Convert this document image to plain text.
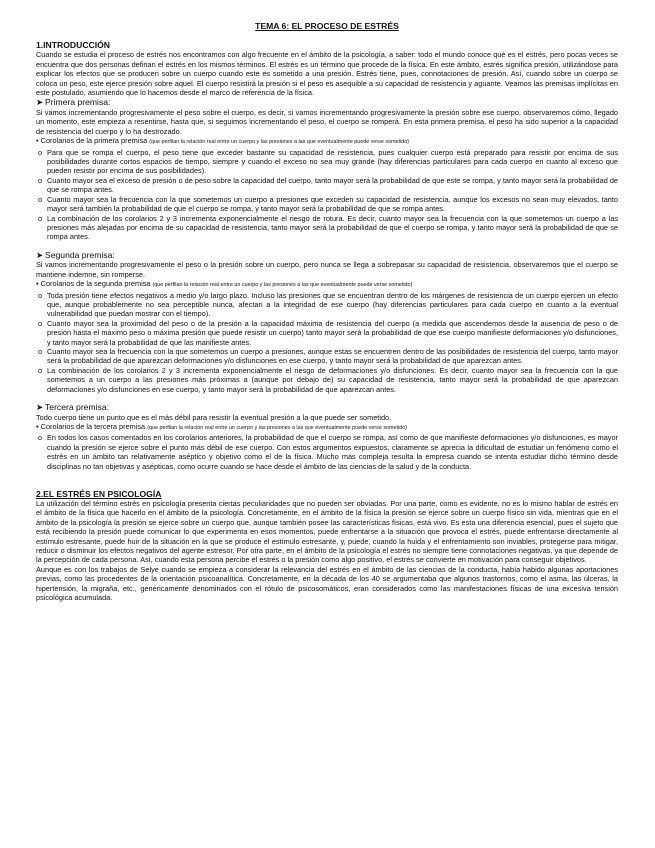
TEMA 6: EL PROCESO DE ESTRÉS
1.INTRODUCCIÓN

Cuando se estudia el proceso de estrés nos encontramos con algo frecuente en el ámbito de la psicología, a saber: todo el mundo conoce qué es el estrés, pero pocas veces se encuentra que dos personas definan el estrés en los mismos términos. El estrés es un término que procede de la física. En este ámbito, estrés significa presión, utilizándose para explicar los efectos que se producen sobre un cuerpo cuando este es sometido a una presión. Estrés tiene, pues, connotaciones de presión. Así, cuando sobre un cuerpo se coloca un peso, este ejerce presión sobre aquel. El cuerpo resistirá la presión si el peso es asequible a su capacidad de resistencia y aguante. Veamos las premisas implícitas en este postulado, asumiendo que lo hacemos desde el marco de referencia de la física.

➤ Primera premisa:

Si vamos incrementando progresivamente el peso sobre el cuerpo, es decir, si vamos incrementando progresivamente la presión sobre ese cuerpo, observaremos cómo, llegado un momento, este empieza a resentirse, hasta que, si seguimos incrementando el peso, el cuerpo se romperá. En esta primera premisa, el peso ha sido superior a la capacidad de resistencia del cuerpo y lo ha destrozado.

▪ Corolarios de la primera premisa (que perfilan la relación real entre un cuerpo y las presiones a las que eventualmente puede verse sometido)

o Para que se rompa el cuerpo, el peso tiene que exceder bastante su capacidad de resistencia, pues cualquier cuerpo está preparado para resistir por encima de sus posibilidades durante cortos espacios de tiempo, siempre y cuando el exceso no sea muy grande (hay diferencias particulares para cada cuerpo en cuanto al exceso que pueden resistir por encima de sus posibilidades).
o Cuanto mayor sea el exceso de presión o de peso sobre la capacidad del cuerpo, tanto mayor será la probabilidad de que este se rompa, y tanto mayor será la probabilidad de que se rompa antes.
o Cuanto mayor sea la frecuencia con la que sometemos un cuerpo a presiones que exceden su capacidad de resistencia, aunque los excesos no sean muy elevados, tanto mayor será también la probabilidad de que el cuerpo se rompa, y tanto mayor será la probabilidad de que se rompa antes.
o La combinación de los corolarios 2 y 3 incrementa exponencialmente el riesgo de rotura. Es decir, cuanto mayor sea la frecuencia con la que sometemos un cuerpo a las presiones más alejadas por encima de su capacidad de resistencia, tanto mayor será la probabilidad de que el cuerpo se rompa, y tanto mayor será la probabilidad de que se rompa antes.
➤ Segunda premisa:

Si vamos incrementando progresivamente el peso o la presión sobre un cuerpo, pero nunca se llega a sobrepasar su capacidad de resistencia, observaremos que el cuerpo se mantiene indemne, sin romperse.

▪ Corolarios de la segunda premisa (que perfilan la relación real entre un cuerpo y las presiones a las que eventualmente puede verse sometido)

o Toda presión tiene efectos negativos a medio y/o largo plazo. Incluso las presiones que se encuentran dentro de los márgenes de resistencia de un cuerpo ejercen un efecto que, aunque probablemente no sea perceptible nunca, afectan a la integridad de ese cuerpo (hay diferencias particulares para cada cuerpo en cuanto a la eventual vulnerabilidad que puedan mostrar con el tiempo).
o Cuanto mayor sea la proximidad del peso o de la presión a la capacidad máxima de resistencia del cuerpo (a medida que ascendemos desde la ausencia de peso o de presión hasta el máximo peso o máxima presión que puede resistir un cuerpo) tanto mayor será la probabilidad de que ese cuerpo manifieste deformaciones y/o disfunciones, y tanto mayor será la probabilidad de que las manifieste antes.
o Cuanto mayor sea la frecuencia con la que sometemos un cuerpo a presiones, aunque estas se encuentren dentro de las posibilidades de resistencia del cuerpo, tanto mayor será la probabilidad de que aparezcan deformaciones y/o disfunciones en ese cuerpo, y tanto mayor será la probabilidad de que aparezcan antes.
o La combinación de los corolarios 2 y 3 incrementa exponencialmente el riesgo de deformaciones y/o disfunciones. Es decir, cuanto mayor sea la frecuencia con la que sometemos a un cuerpo a las presiones más próximas a (aunque por debajo de) su capacidad de resistencia, tanto mayor será la probabilidad de que aparezcan deformaciones y/o disfunciones en ese cuerpo, y tanto mayor será la probabilidad de que aparezcan antes.
➤ Tercera premisa:

Todo cuerpo tiene un punto que es el más débil para resistir la eventual presión a la que puede ser sometido.

▪ Corolarios de la tercera premisa (que perfilan la relación real entre un cuerpo y las presiones a las que eventualmente puede verse sometido)

o En todos los casos comentados en los corolarios anteriores, la probabilidad de que el cuerpo se rompa, así como de que manifieste deformaciones y/o disfunciones, es mayor cuando la presión se ejerce sobre el punto más débil de ese cuerpo. Con estos argumentos expuestos, claramente se aprecia la dificultad de estudiar un fenómeno como el estrés en un ámbito tan relativamente aséptico y objetivo como el de la física. Mucho más compleja resulta la empresa cuando se intenta estudiar dicho término desde disciplinas no tan objetivas y asépticas, como ocurre cuando se hace desde el ámbito de las ciencias de la salud y de la conducta.
2.EL ESTRÉS EN PSICOLOGÍA

La utilización del término estrés en psicología presenta ciertas peculiaridades que no pueden ser obviadas. Por una parte, como es evidente, no es lo mismo hablar de estrés en el ámbito de la física que hacerlo en el ámbito de la psicología. Concretamente, en el ámbito de la física la presión se ejerce sobre un cuerpo físico sin vida, mientras que en el ámbito de la psicología la presión se ejerce sobre un cuerpo que, aunque también posee las características físicas, está vivo. Es esta una diferencia esencial, pues el sujeto que está recibiendo la presión puede comunicar lo que experimenta en esos momentos, puede enfrentarse a la situación que provoca el estrés, puede enfrentarse directamente al estímulo estresante, puede huir de la situación en la que se produce el estímulo estresante, y, puede, cuando la huida y el enfrentamiento son inviables, protegerse para mitigar, reducir o disminuir los efectos negativos del agente estresor. Por otra parte, en el ámbito de la psicología el estrés no siempre tiene connotaciones negativas, ya que depende de la percepción de cada persona. Así, cuando esta persona percibe el estrés o la presión como algo positivo, el estrés se convierte en motivación para conseguir objetivos.

Aunque es con los trabajos de Selye cuando se empieza a considerar la relevancia del estrés en el ámbito de las ciencias de la conducta, había habido algunas aportaciones previas, como las procedentes de la orientación psicoanalítica. Concretamente, en la década de los 40 se argumentaba que algunos trastornos, como el asma, las úlceras, la hipertensión, la migraña, etc., genéricamente denominados con el rótulo de psicosomáticos, eran considerados como las manifestaciones físicas de una excesiva tensión psicológica acumulada.
